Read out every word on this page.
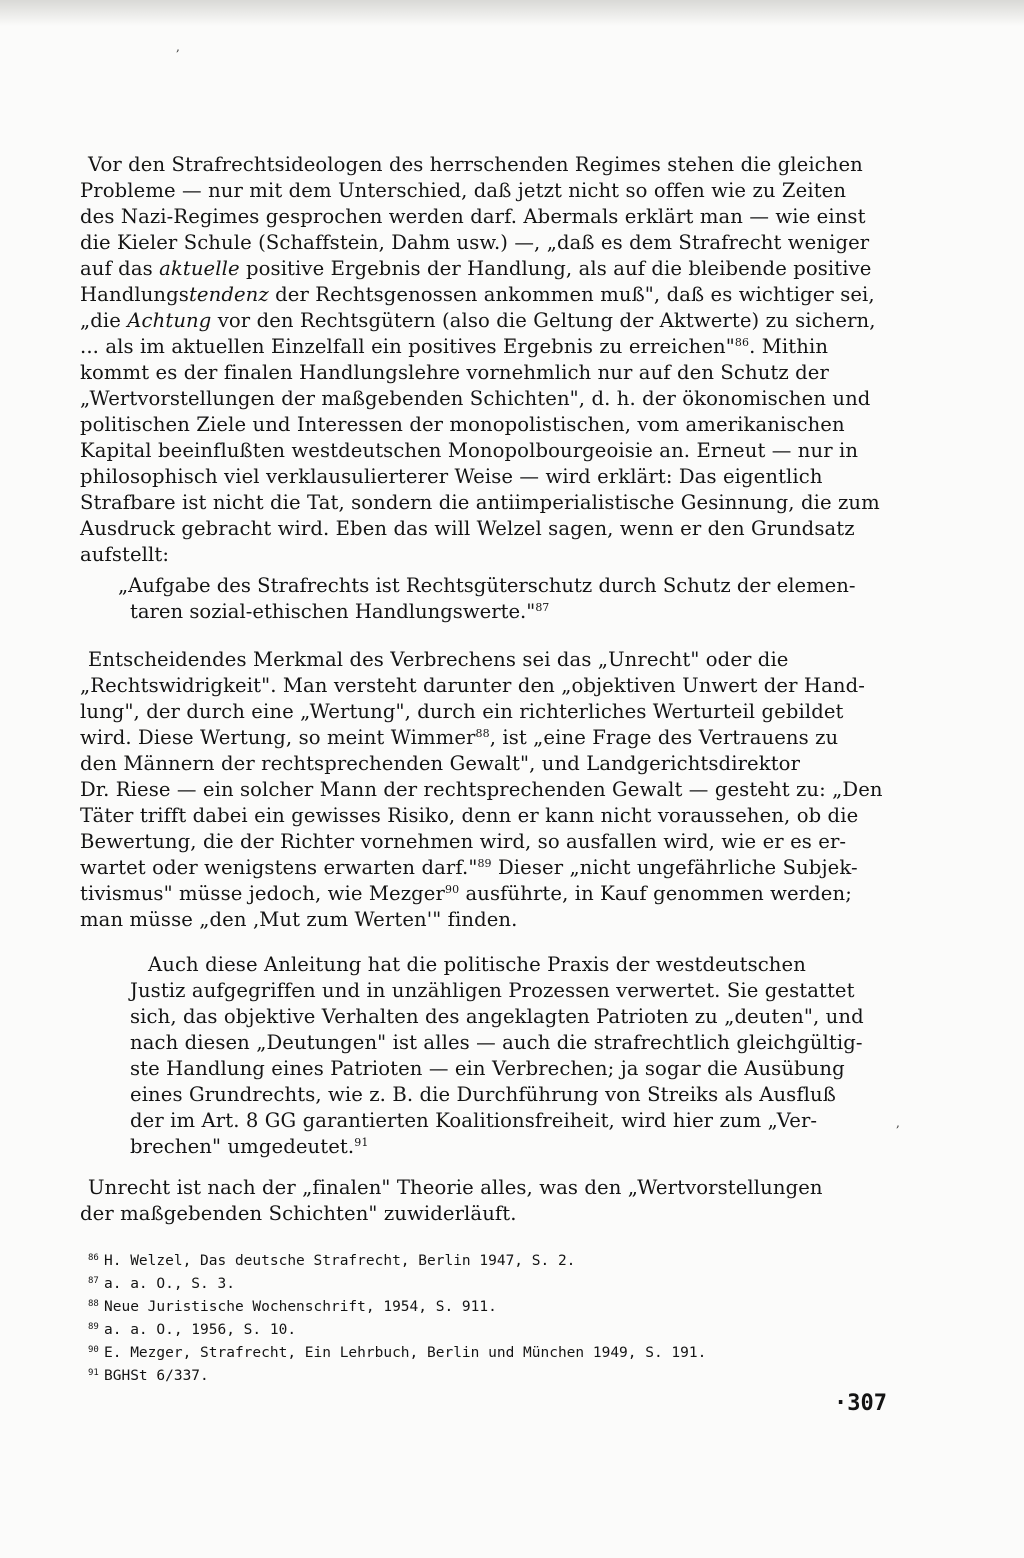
Vor den Strafrechtsideologen des herrschenden Regimes stehen die gleichen
Probleme — nur mit dem Unterschied, daß jetzt nicht so offen wie zu Zeiten
des Nazi-Regimes gesprochen werden darf. Abermals erklärt man — wie einst
die Kieler Schule (Schaffstein, Dahm usw.) —, „daß es dem Strafrecht weniger
auf das aktuelle positive Ergebnis der Handlung, als auf die bleibende positive
Handlungstendenz der Rechtsgenossen ankommen muß", daß es wichtiger sei,
„die Achtung vor den Rechtsgütern (also die Geltung der Aktwerte) zu sichern,
... als im aktuellen Einzelfall ein positives Ergebnis zu erreichen"$^{86}$. Mithin
kommt es der finalen Handlungslehre vornehmlich nur auf den Schutz der
„Wertvorstellungen der maßgebenden Schichten", d. h. der ökonomischen und
politischen Ziele und Interessen der monopolistischen, vom amerikanischen
Kapital beeinflußten westdeutschen Monopolbourgeoisie an. Erneut — nur in
philosophisch viel verklausulierterer Weise — wird erklärt: Das eigentlich
Strafbare ist nicht die Tat, sondern die antiimperialistische Gesinnung, die zum
Ausdruck gebracht wird. Eben das will Welzel sagen, wenn er den Grundsatz
aufstellt:
„Aufgabe des Strafrechts ist Rechtsgüterschutz durch Schutz der elemen-
taren sozial-ethischen Handlungswerte."$^{87}$
Entscheidendes Merkmal des Verbrechens sei das „Unrecht" oder die
„Rechtswidrigkeit". Man versteht darunter den „objektiven Unwert der Hand-
lung", der durch eine „Wertung", durch ein richterliches Werturteil gebildet
wird. Diese Wertung, so meint Wimmer$^{88}$, ist „eine Frage des Vertrauens zu
den Männern der rechtsprechenden Gewalt", und Landgerichtsdirektor
Dr. Riese — ein solcher Mann der rechtsprechenden Gewalt — gesteht zu: „Den
Täter trifft dabei ein gewisses Risiko, denn er kann nicht voraussehen, ob die
Bewertung, die der Richter vornehmen wird, so ausfallen wird, wie er es er-
wartet oder wenigstens erwarten darf."$^{89}$ Dieser „nicht ungefährliche Subjek-
tivismus" müsse jedoch, wie Mezger$^{90}$ ausführte, in Kauf genommen werden;
man müsse „den ‚Mut zum Werten'" finden.
Auch diese Anleitung hat die politische Praxis der westdeutschen
Justiz aufgegriffen und in unzähligen Prozessen verwertet. Sie gestattet
sich, das objektive Verhalten des angeklagten Patrioten zu „deuten", und
nach diesen „Deutungen" ist alles — auch die strafrechtlich gleichgültig-
ste Handlung eines Patrioten — ein Verbrechen; ja sogar die Ausübung
eines Grundrechts, wie z. B. die Durchführung von Streiks als Ausfluß
der im Art. 8 GG garantierten Koalitionsfreiheit, wird hier zum „Ver-
brechen" umgedeutet.$^{91}$
Unrecht ist nach der „finalen" Theorie alles, was den „Wertvorstellungen
der maßgebenden Schichten" zuwiderläuft.
86 H. Welzel, Das deutsche Strafrecht, Berlin 1947, S. 2.
87 a. a. O., S. 3.
88 Neue Juristische Wochenschrift, 1954, S. 911.
89 a. a. O., 1956, S. 10.
90 E. Mezger, Strafrecht, Ein Lehrbuch, Berlin und München 1949, S. 191.
91 BGHSt 6/337.
·307
,
,
